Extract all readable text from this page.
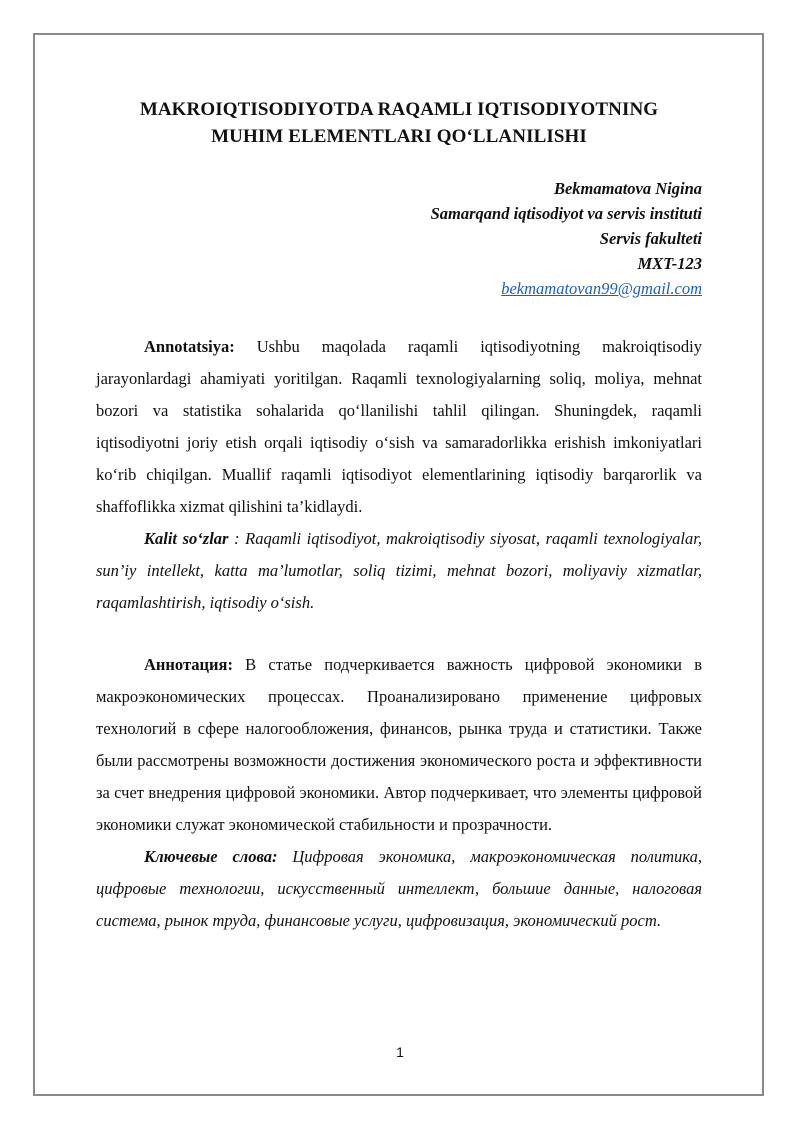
MAKROIQTISODIYOTDA RAQAMLI IQTISODIYOTNING
MUHIM ELEMENTLARI QO‘LLANILISHI
Bekmamatova Nigina
Samarqand iqtisodiyot va servis instituti
Servis fakulteti
MXT-123
bekmamatovan99@gmail.com

Annotatsiya: Ushbu maqolada raqamli iqtisodiyotning makroiqtisodiy jarayonlardagi ahamiyati yoritilgan. Raqamli texnologiyalarning soliq, moliya, mehnat bozori va statistika sohalarida qo‘llanilishi tahlil qilingan. Shuningdek, raqamli iqtisodiyotni joriy etish orqali iqtisodiy o‘sish va samaradorlikka erishish imkoniyatlari ko‘rib chiqilgan. Muallif raqamli iqtisodiyot elementlarining iqtisodiy barqarorlik va shaffoflikka xizmat qilishini ta’kidlaydi.

Kalit so‘zlar : Raqamli iqtisodiyot, makroiqtisodiy siyosat, raqamli texnologiyalar, sun’iy intellekt, katta ma’lumotlar, soliq tizimi, mehnat bozori, moliyaviy xizmatlar, raqamlashtirish, iqtisodiy o‘sish.

Аннотация: В статье подчеркивается важность цифровой экономики в макроэкономических процессах. Проанализировано применение цифровых технологий в сфере налогообложения, финансов, рынка труда и статистики. Также были рассмотрены возможности достижения экономического роста и эффективности за счет внедрения цифровой экономики. Автор подчеркивает, что элементы цифровой экономики служат экономической стабильности и прозрачности.

Ключевые слова: Цифровая экономика, макроэкономическая политика, цифровые технологии, искусственный интеллект, большие данные, налоговая система, рынок труда, финансовые услуги, цифровизация, экономический рост.

1
